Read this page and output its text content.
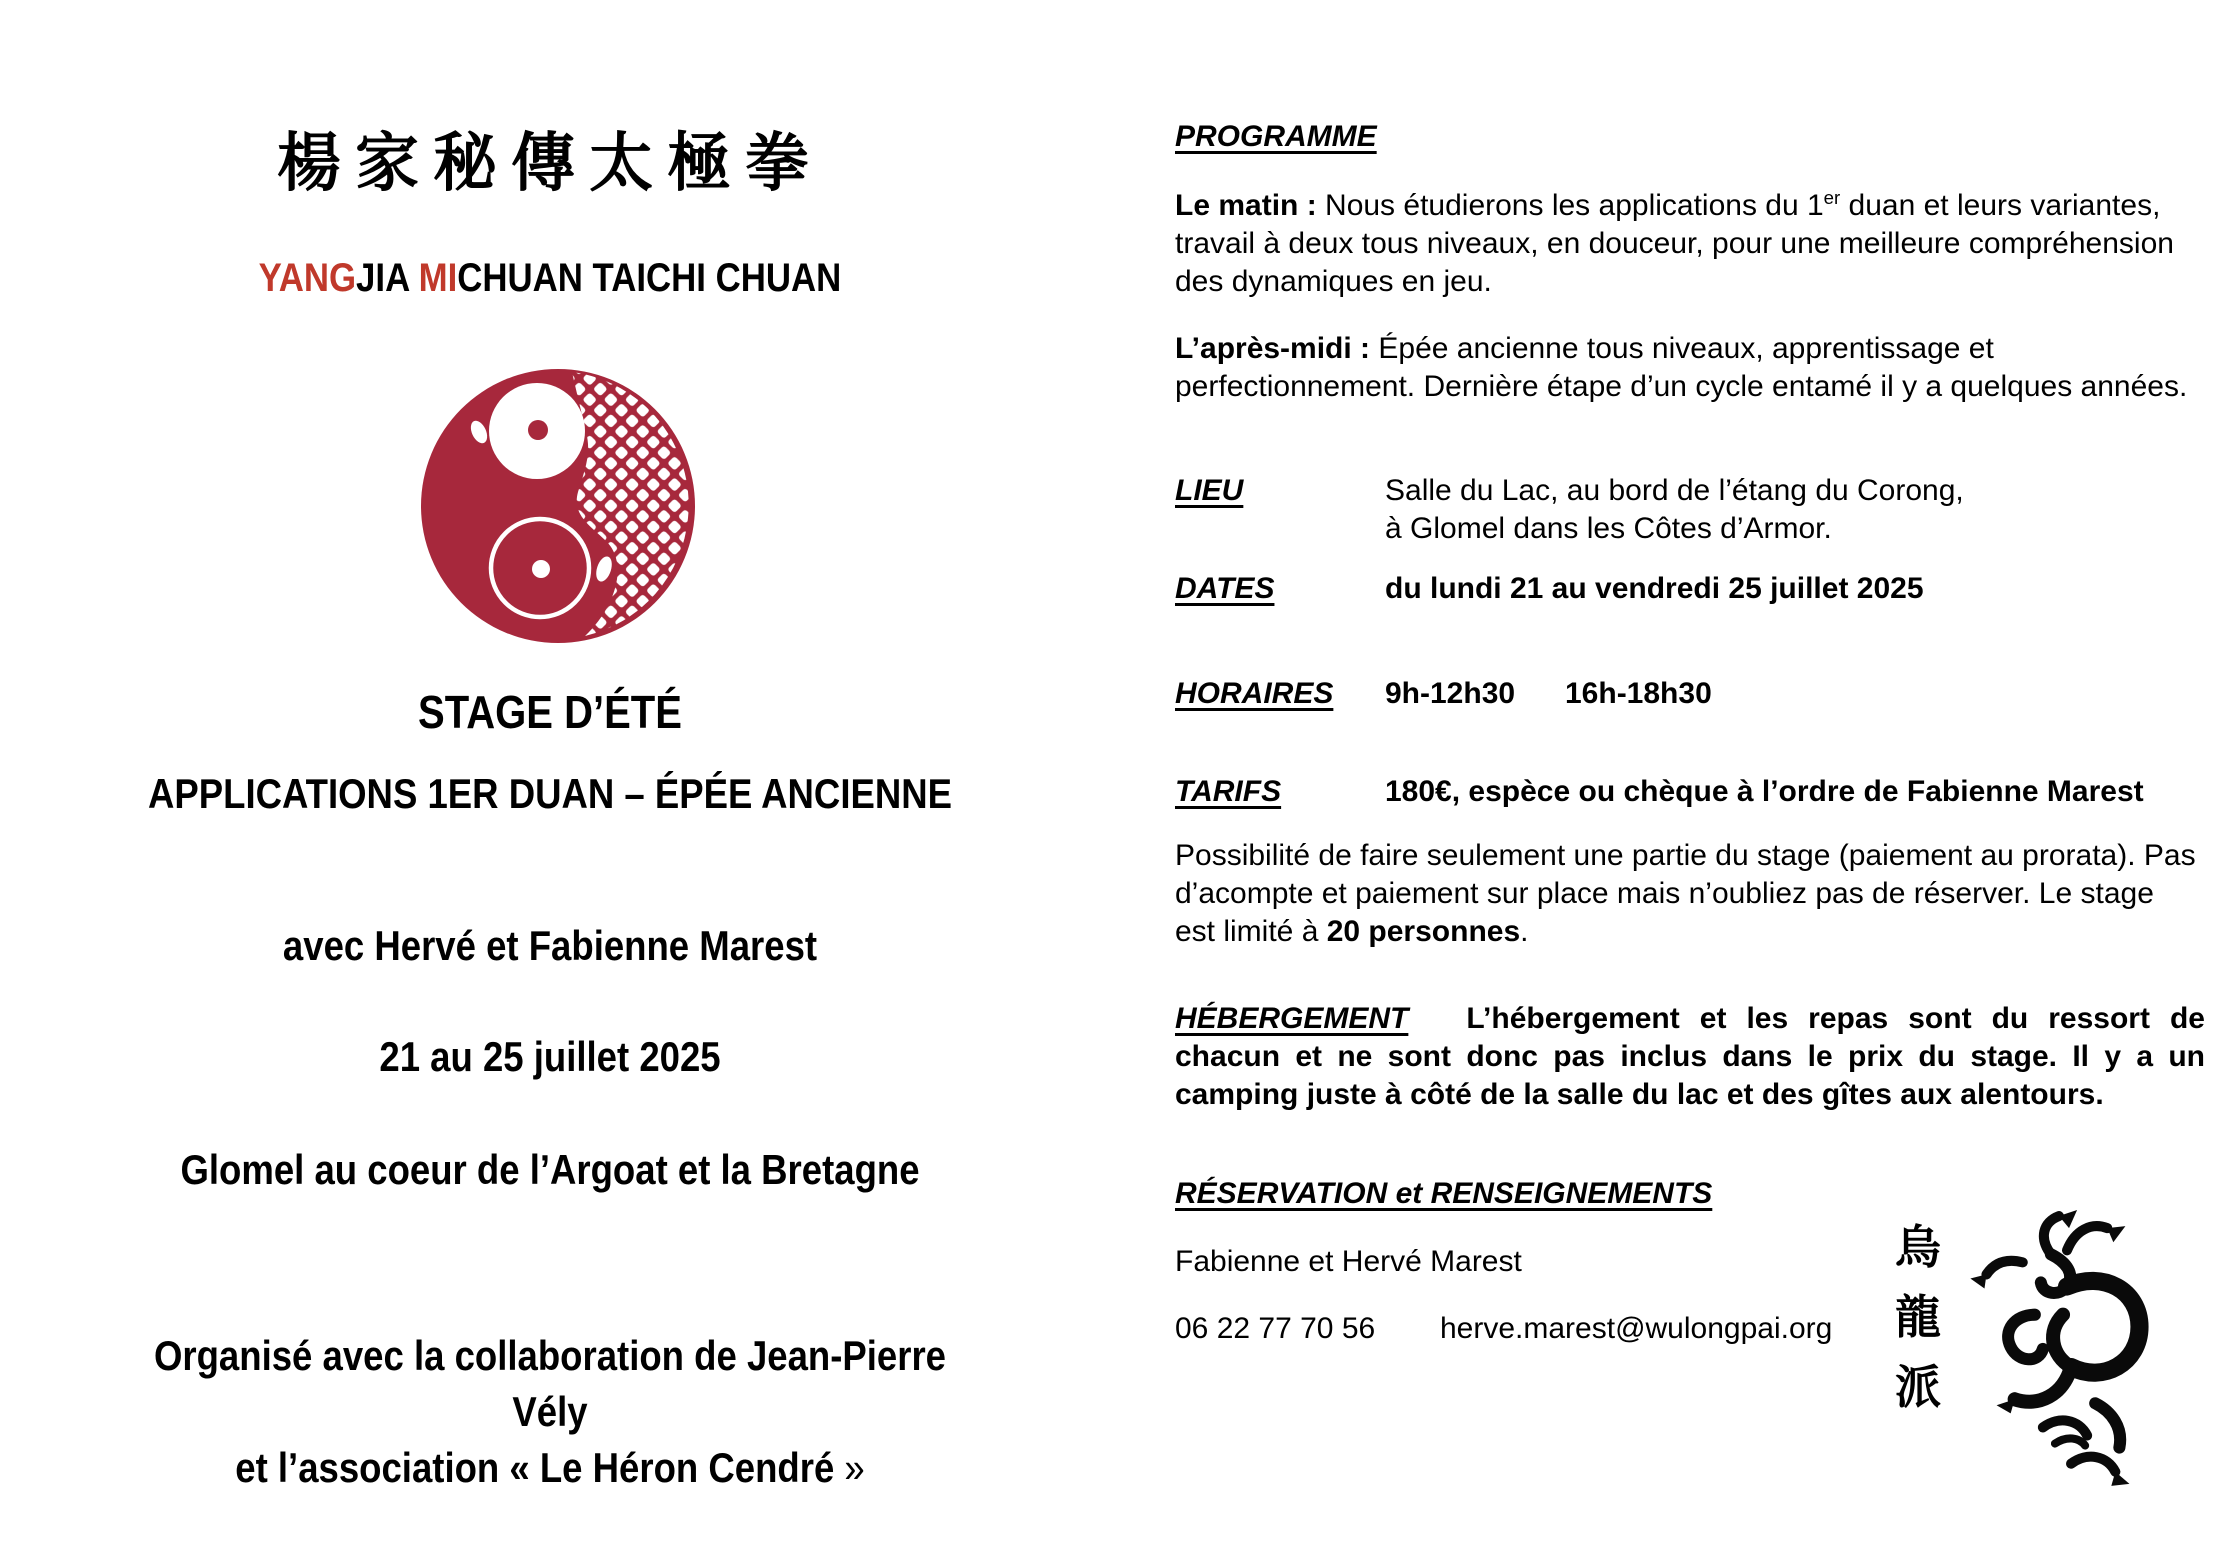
楊家秘傳太極拳
YANGJIA MICHUAN TAICHI CHUAN
STAGE D’ÉTÉ
APPLICATIONS 1ER DUAN – ÉPÉE ANCIENNE
avec Hervé et Fabienne Marest
21 au 25 juillet 2025
Glomel au coeur de l’Argoat et la Bretagne
Organisé avec la collaboration de Jean-Pierre Vély
et l’association « Le Héron Cendré »
PROGRAMME

Le matin : Nous étudierons les applications du 1er duan et leurs variantes, travail à deux tous niveaux, en douceur, pour une meilleure compréhension des dynamiques en jeu.

L’après-midi : Épée ancienne tous niveaux, apprentissage et perfectionnement. Dernière étape d’un cycle entamé il y a quelques années.

LIEU	Salle du Lac, au bord de l’étang du Corong,
à Glomel dans les Côtes d’Armor.
DATES	du lundi 21 au vendredi 25 juillet 2025
HORAIRES 9h-12h30 16h-18h30
TARIFS	180€, espèce ou chèque à l’ordre de Fabienne Marest

Possibilité de faire seulement une partie du stage (paiement au prorata). Pas d’acompte et paiement sur place mais n’oubliez pas de réserver. Le stage est limité à 20 personnes.

HÉBERGEMENT L’hébergement et les repas sont du ressort de chacun et ne sont donc pas inclus dans le prix du stage. Il y a un camping juste à côté de la salle du lac et des gîtes aux alentours.

RÉSERVATION et RENSEIGNEMENTS
Fabienne et Hervé Marest
06 22 77 70 56 herve.marest@wulongpai.org
烏
龍
派
